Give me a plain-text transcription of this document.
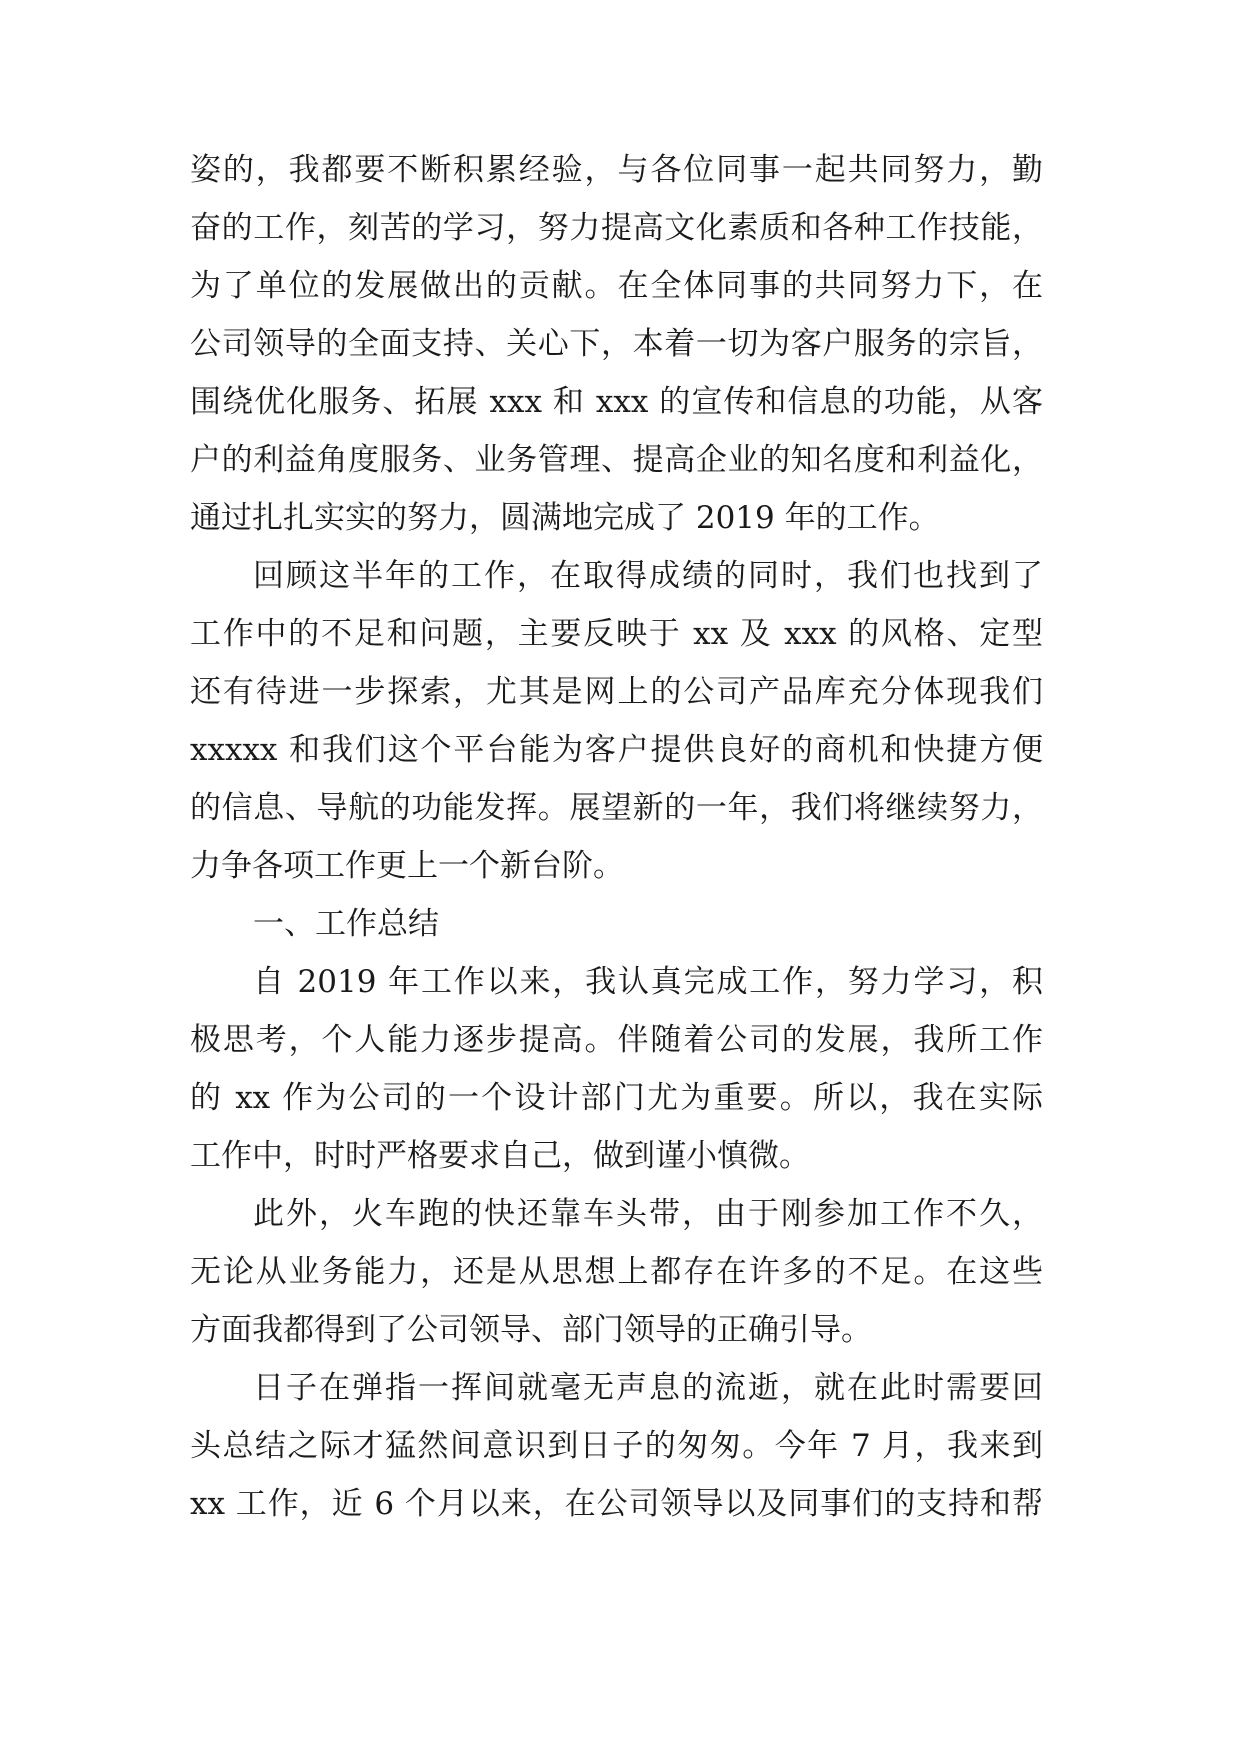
姿的，我都要不断积累经验，与各位同事一起共同努力，勤
奋的工作，刻苦的学习，努力提高文化素质和各种工作技能，
为了单位的发展做出的贡献。在全体同事的共同努力下，在
公司领导的全面支持、关心下，本着一切为客户服务的宗旨，
围绕优化服务、拓展 xxx 和 xxx 的宣传和信息的功能，从客
户的利益角度服务、业务管理、提高企业的知名度和利益化，
通过扎扎实实的努力，圆满地完成了 2019 年的工作。
回顾这半年的工作，在取得成绩的同时，我们也找到了
工作中的不足和问题，主要反映于 xx 及 xxx 的风格、定型
还有待进一步探索，尤其是网上的公司产品库充分体现我们
xxxxx 和我们这个平台能为客户提供良好的商机和快捷方便
的信息、导航的功能发挥。展望新的一年，我们将继续努力，
力争各项工作更上一个新台阶。
一、工作总结
自 2019 年工作以来，我认真完成工作，努力学习，积
极思考，个人能力逐步提高。伴随着公司的发展，我所工作
的 xx 作为公司的一个设计部门尤为重要。所以，我在实际
工作中，时时严格要求自己，做到谨小慎微。
此外，火车跑的快还靠车头带，由于刚参加工作不久，
无论从业务能力，还是从思想上都存在许多的不足。在这些
方面我都得到了公司领导、部门领导的正确引导。
日子在弹指一挥间就毫无声息的流逝，就在此时需要回
头总结之际才猛然间意识到日子的匆匆。今年 7 月，我来到
xx 工作，近 6 个月以来，在公司领导以及同事们的支持和帮
